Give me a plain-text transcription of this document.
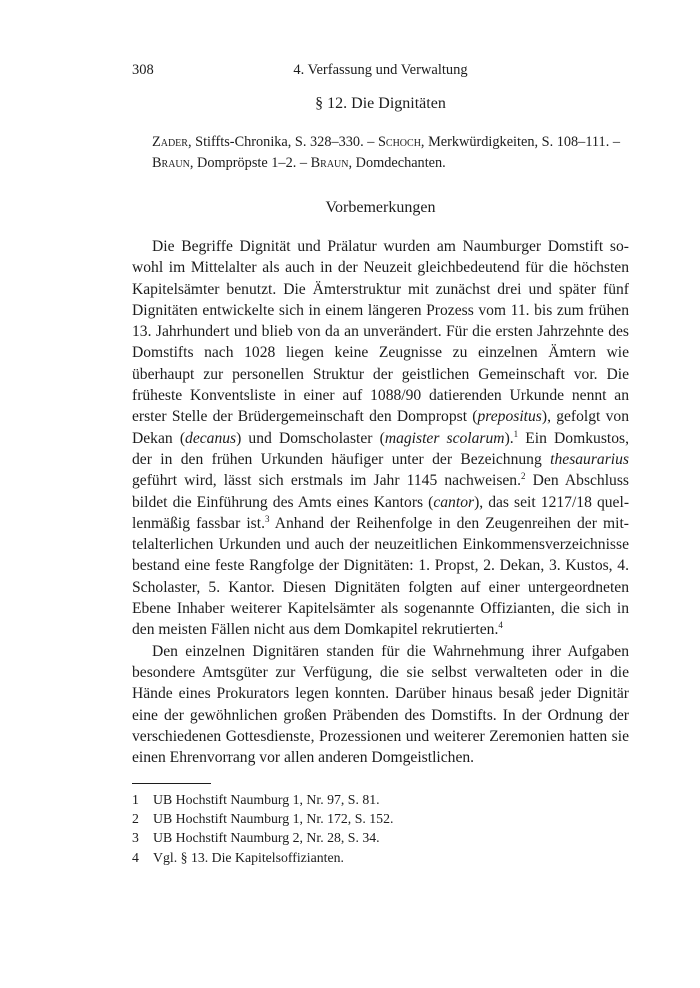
308	4. Verfassung und Verwaltung
§ 12. Die Dignitäten
Zader, Stiffts-Chronika, S. 328–330. – Schoch, Merkwürdigkeiten, S. 108–111. – Braun, Dompröpste 1–2. – Braun, Domdechanten.
Vorbemerkungen

Die Begriffe Dignität und Prälatur wurden am Naumburger Domstift sowohl im Mittelalter als auch in der Neuzeit gleichbedeutend für die höchsten Kapitelsämter benutzt. Die Ämterstruktur mit zunächst drei und später fünf Dignitäten entwickelte sich in einem längeren Prozess vom 11. bis zum frühen 13. Jahrhundert und blieb von da an unverändert. Für die ersten Jahrzehnte des Domstifts nach 1028 liegen keine Zeugnisse zu einzelnen Ämtern wie überhaupt zur personellen Struktur der geistlichen Gemeinschaft vor. Die früheste Konventsliste in einer auf 1088/90 datierenden Urkunde nennt an erster Stelle der Brüdergemeinschaft den Dompropst (prepositus), gefolgt von Dekan (decanus) und Domscholaster (magister scolarum).$^1$ Ein Domkustos, der in den frühen Urkunden häufiger unter der Bezeichnung thesaurarius geführt wird, lässt sich erstmals im Jahr 1145 nachweisen.$^2$ Den Abschluss bildet die Einführung des Amts eines Kantors (cantor), das seit 1217/18 quellenmäßig fassbar ist.$^3$ Anhand der Reihenfolge in den Zeugenreihen der mittelalterlichen Urkunden und auch der neuzeitlichen Einkommensverzeichnisse bestand eine feste Rangfolge der Dignitäten: 1. Propst, 2. Dekan, 3. Kustos, 4. Scholaster, 5. Kantor. Diesen Dignitäten folgten auf einer untergeordneten Ebene Inhaber weiterer Kapitelsämter als sogenannte Offizianten, die sich in den meisten Fällen nicht aus dem Domkapitel rekrutierten.$^4$

Den einzelnen Dignitären standen für die Wahrnehmung ihrer Aufgaben besondere Amtsgüter zur Verfügung, die sie selbst verwalteten oder in die Hände eines Prokurators legen konnten. Darüber hinaus besaß jeder Dignitär eine der gewöhnlichen großen Präbenden des Domstifts. In der Ordnung der verschiedenen Gottesdienste, Prozessionen und weiterer Zeremonien hatten sie einen Ehrenvorrang vor allen anderen Domgeistlichen.

1	UB Hochstift Naumburg 1, Nr. 97, S. 81.
2	UB Hochstift Naumburg 1, Nr. 172, S. 152.
3	UB Hochstift Naumburg 2, Nr. 28, S. 34.
4	Vgl. § 13. Die Kapitelsoffizianten.
